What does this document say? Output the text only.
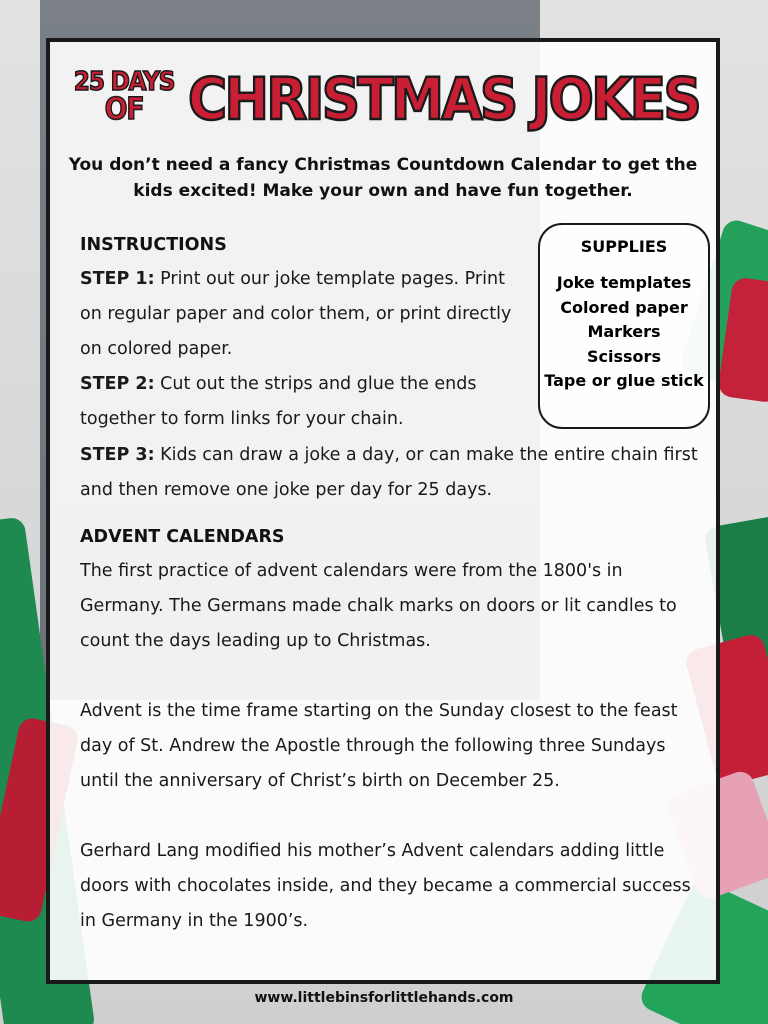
25 DAYS
OF CHRISTMAS JOKES
You don’t need a fancy Christmas Countdown Calendar to get the kids excited! Make your own and have fun together.
INSTRUCTIONS
STEP 1: Print out our joke template pages. Print on regular paper and color them, or print directly on colored paper.
STEP 2: Cut out the strips and glue the ends together to form links for your chain.
STEP 3: Kids can draw a joke a day, or can make the entire chain first and then remove one joke per day for 25 days.
SUPPLIES
Joke templates
Colored paper
Markers
Scissors
Tape or glue stick
ADVENT CALENDARS

The first practice of advent calendars were from the 1800's in Germany. The Germans made chalk marks on doors or lit candles to count the days leading up to Christmas.

Advent is the time frame starting on the Sunday closest to the feast day of St. Andrew the Apostle through the following three Sundays until the anniversary of Christ’s birth on December 25.

Gerhard Lang modified his mother’s Advent calendars adding little doors with chocolates inside, and they became a commercial success in Germany in the 1900’s.

www.littlebinsforlittlehands.com
